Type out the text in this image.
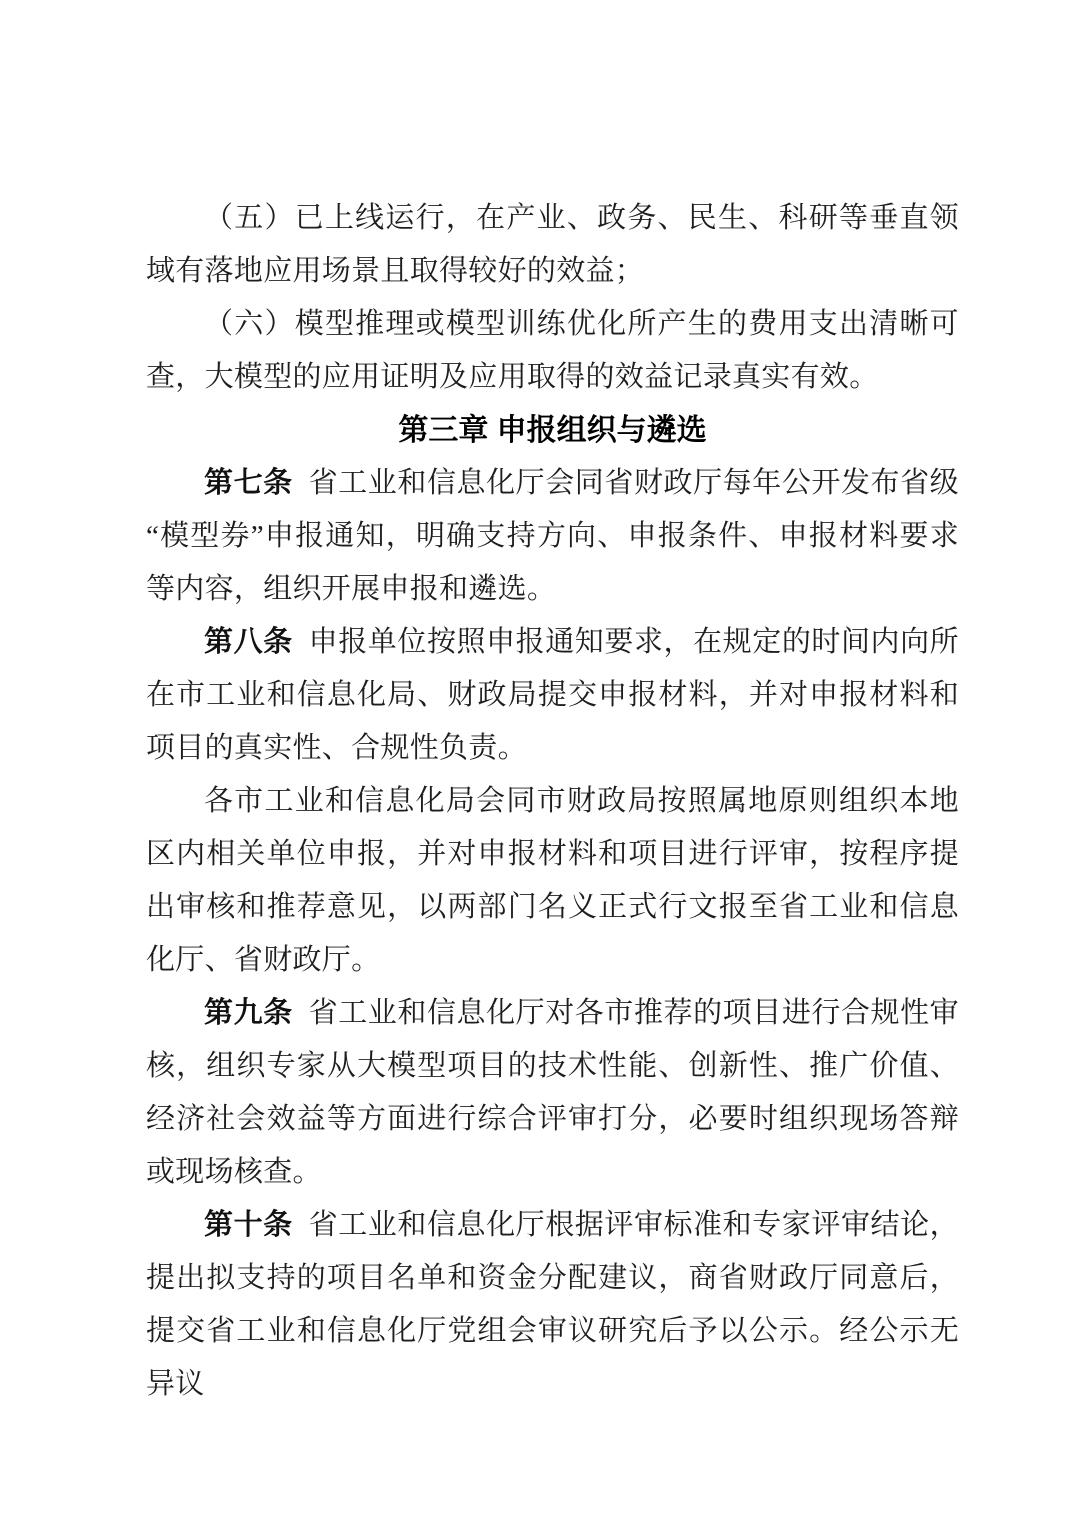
（五）已上线运行，在产业、政务、民生、科研等垂直领域有落地应用场景且取得较好的效益；

（六）模型推理或模型训练优化所产生的费用支出清晰可查，大模型的应用证明及应用取得的效益记录真实有效。

第三章 申报组织与遴选

第七条 省工业和信息化厅会同省财政厅每年公开发布省级“模型券”申报通知，明确支持方向、申报条件、申报材料要求等内容，组织开展申报和遴选。

第八条 申报单位按照申报通知要求，在规定的时间内向所在市工业和信息化局、财政局提交申报材料，并对申报材料和项目的真实性、合规性负责。

各市工业和信息化局会同市财政局按照属地原则组织本地区内相关单位申报，并对申报材料和项目进行评审，按程序提出审核和推荐意见，以两部门名义正式行文报至省工业和信息化厅、省财政厅。

第九条 省工业和信息化厅对各市推荐的项目进行合规性审核，组织专家从大模型项目的技术性能、创新性、推广价值、经济社会效益等方面进行综合评审打分，必要时组织现场答辩或现场核查。

第十条 省工业和信息化厅根据评审标准和专家评审结论，提出拟支持的项目名单和资金分配建议，商省财政厅同意后，提交省工业和信息化厅党组会审议研究后予以公示。经公示无异议
